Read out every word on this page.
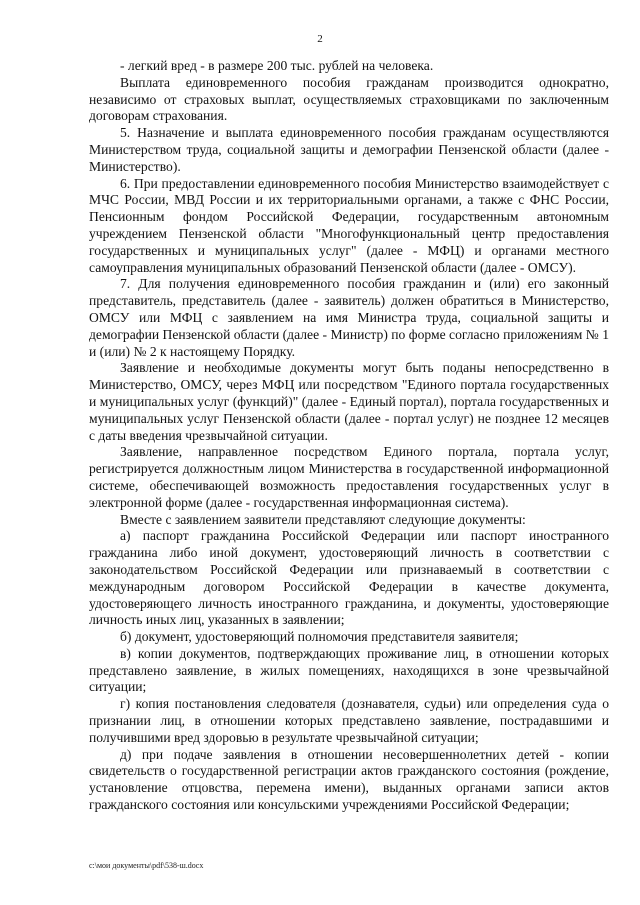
2

- легкий вред - в размере 200 тыс. рублей на человека.

Выплата единовременного пособия гражданам производится однократно, независимо от страховых выплат, осуществляемых страховщиками по заключенным договорам страхования.

5. Назначение и выплата единовременного пособия гражданам осуществляются Министерством труда, социальной защиты и демографии Пензенской области (далее - Министерство).

6. При предоставлении единовременного пособия Министерство взаимодействует с МЧС России, МВД России и их территориальными органами, а также с ФНС России, Пенсионным фондом Российской Федерации, государственным автономным учреждением Пензенской области "Многофункциональный центр предоставления государственных и муниципальных услуг" (далее - МФЦ) и органами местного самоуправления муниципальных образований Пензенской области (далее - ОМСУ).

7. Для получения единовременного пособия гражданин и (или) его законный представитель, представитель (далее - заявитель) должен обратиться в Министерство, ОМСУ или МФЦ с заявлением на имя Министра труда, социальной защиты и демографии Пензенской области (далее - Министр) по форме согласно приложениям № 1 и (или) № 2 к настоящему Порядку.

Заявление и необходимые документы могут быть поданы непосредственно в Министерство, ОМСУ, через МФЦ или посредством "Единого портала государственных и муниципальных услуг (функций)" (далее - Единый портал), портала государственных и муниципальных услуг Пензенской области (далее - портал услуг) не позднее 12 месяцев с даты введения чрезвычайной ситуации.

Заявление, направленное посредством Единого портала, портала услуг, регистрируется должностным лицом Министерства в государственной информационной системе, обеспечивающей возможность предоставления государственных услуг в электронной форме (далее - государственная информационная система).

Вместе с заявлением заявители представляют следующие документы:

а) паспорт гражданина Российской Федерации или паспорт иностранного гражданина либо иной документ, удостоверяющий личность в соответствии с законодательством Российской Федерации или признаваемый в соответствии с международным договором Российской Федерации в качестве документа, удостоверяющего личность иностранного гражданина, и документы, удостоверяющие личность иных лиц, указанных в заявлении;

б) документ, удостоверяющий полномочия представителя заявителя;

в) копии документов, подтверждающих проживание лиц, в отношении которых представлено заявление, в жилых помещениях, находящихся в зоне чрезвычайной ситуации;

г) копия постановления следователя (дознавателя, судьи) или определения суда о признании лиц, в отношении которых представлено заявление, пострадавшими и получившими вред здоровью в результате чрезвычайной ситуации;

д) при подаче заявления в отношении несовершеннолетних детей - копии свидетельств о государственной регистрации актов гражданского состояния (рождение, установление отцовства, перемена имени), выданных органами записи актов гражданского состояния или консульскими учреждениями Российской Федерации;

c:\мои документы\pdf\538-ш.docx
